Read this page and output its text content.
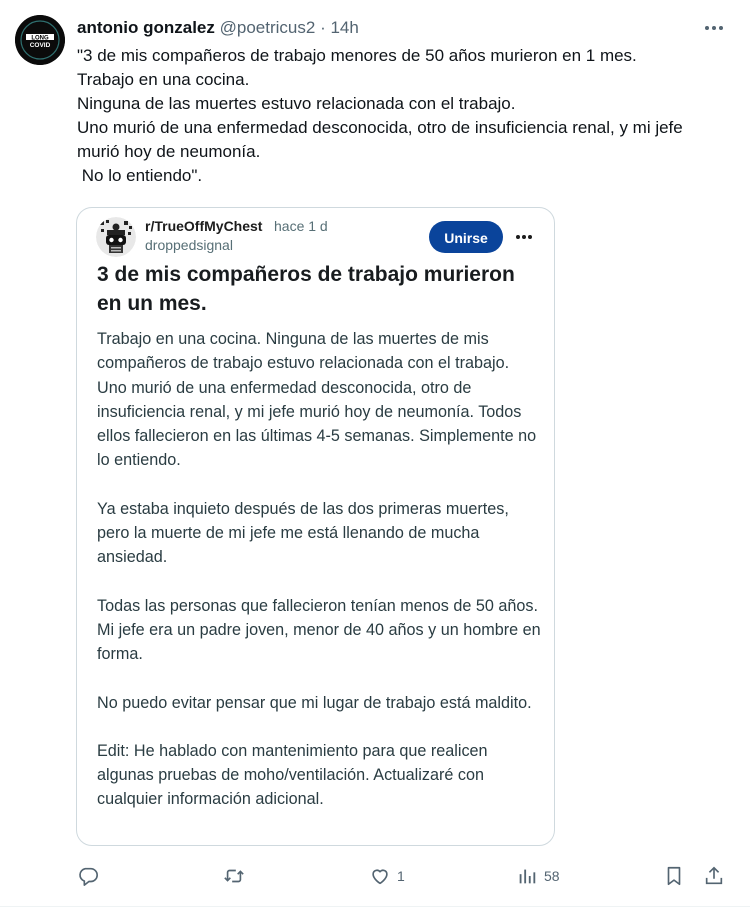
LONG
COVID
antonio gonzalez @poetricus2 · 14h
"3 de mis compañeros de trabajo menores de 50 años murieron en 1 mes.
Trabajo en una cocina.
Ninguna de las muertes estuvo relacionada con el trabajo.
Uno murió de una enfermedad desconocida, otro de insuficiencia renal, y mi jefe murió hoy de neumonía.
No lo entiendo".
r/TrueOffMyChest hace 1 d
droppedsignal	Unirse
3 de mis compañeros de trabajo murieron en un mes.

Trabajo en una cocina. Ninguna de las muertes de mis compañeros de trabajo estuvo relacionada con el trabajo. Uno murió de una enfermedad desconocida, otro de insuficiencia renal, y mi jefe murió hoy de neumonía. Todos ellos fallecieron en las últimas 4-5 semanas. Simplemente no lo entiendo.

Ya estaba inquieto después de las dos primeras muertes, pero la muerte de mi jefe me está llenando de mucha ansiedad.

Todas las personas que fallecieron tenían menos de 50 años. Mi jefe era un padre joven, menor de 40 años y un hombre en forma.

No puedo evitar pensar que mi lugar de trabajo está maldito.

Edit: He hablado con mantenimiento para que realicen algunas pruebas de moho/ventilación. Actualizaré con cualquier información adicional.

1	58
